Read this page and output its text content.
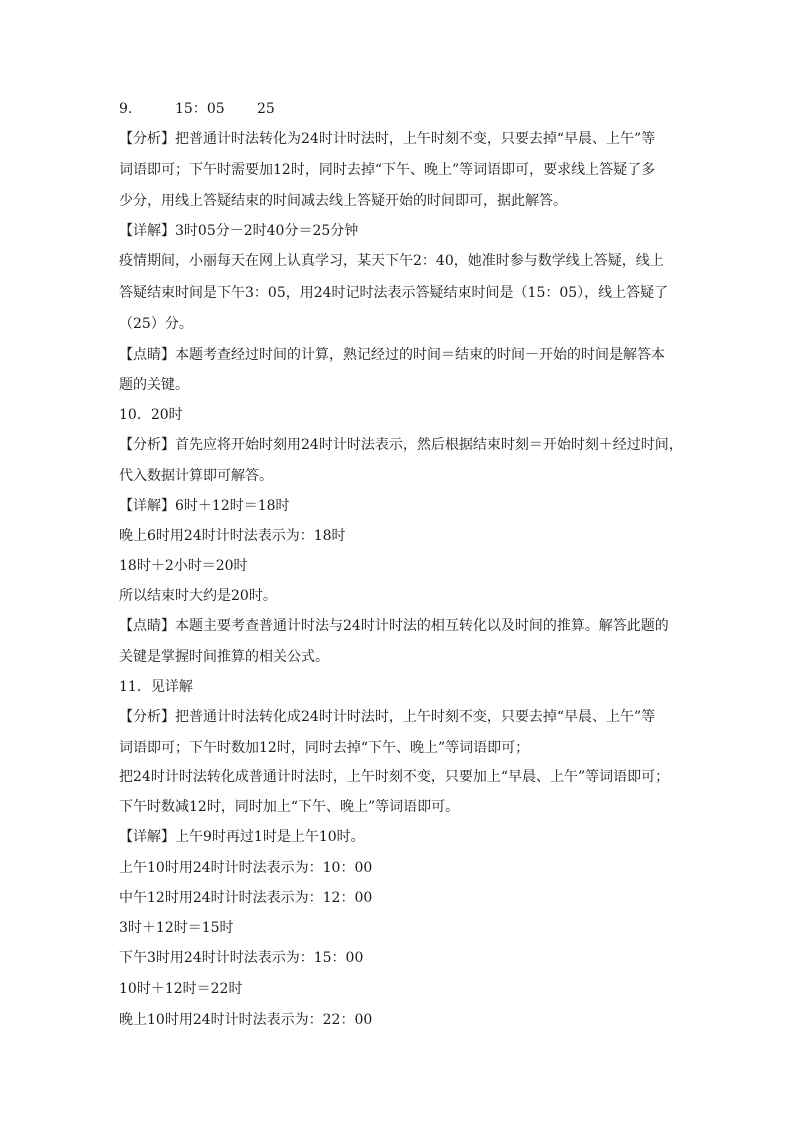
9.	15：05 25
【分析】把普通计时法转化为24时计时法时，上午时刻不变，只要去掉“早晨、上午”等
词语即可；下午时需要加12时，同时去掉“下午、晚上”等词语即可，要求线上答疑了多
少分，用线上答疑结束的时间减去线上答疑开始的时间即可，据此解答。
【详解】3时05分－2时40分＝25分钟
疫情期间，小丽每天在网上认真学习，某天下午2：40，她准时参与数学线上答疑，线上
答疑结束时间是下午3：05，用24时记时法表示答疑结束时间是（15：05），线上答疑了
（25）分。
【点睛】本题考查经过时间的计算，熟记经过的时间＝结束的时间－开始的时间是解答本
题的关键。
10．20时
【分析】首先应将开始时刻用24时计时法表示，然后根据结束时刻＝开始时刻＋经过时间，
代入数据计算即可解答。
【详解】6时＋12时＝18时
晚上6时用24时计时法表示为：18时
18时＋2小时＝20时
所以结束时大约是20时。
【点睛】本题主要考查普通计时法与24时计时法的相互转化以及时间的推算。解答此题的
关键是掌握时间推算的相关公式。
11．见详解
【分析】把普通计时法转化成24时计时法时，上午时刻不变，只要去掉“早晨、上午”等
词语即可；下午时数加12时，同时去掉“下午、晚上”等词语即可；
把24时计时法转化成普通计时法时，上午时刻不变，只要加上“早晨、上午”等词语即可；
下午时数减12时，同时加上“下午、晚上”等词语即可。
【详解】上午9时再过1时是上午10时。
上午10时用24时计时法表示为：10：00
中午12时用24时计时法表示为：12：00
3时＋12时＝15时
下午3时用24时计时法表示为：15：00
10时＋12时＝22时
晚上10时用24时计时法表示为：22：00
